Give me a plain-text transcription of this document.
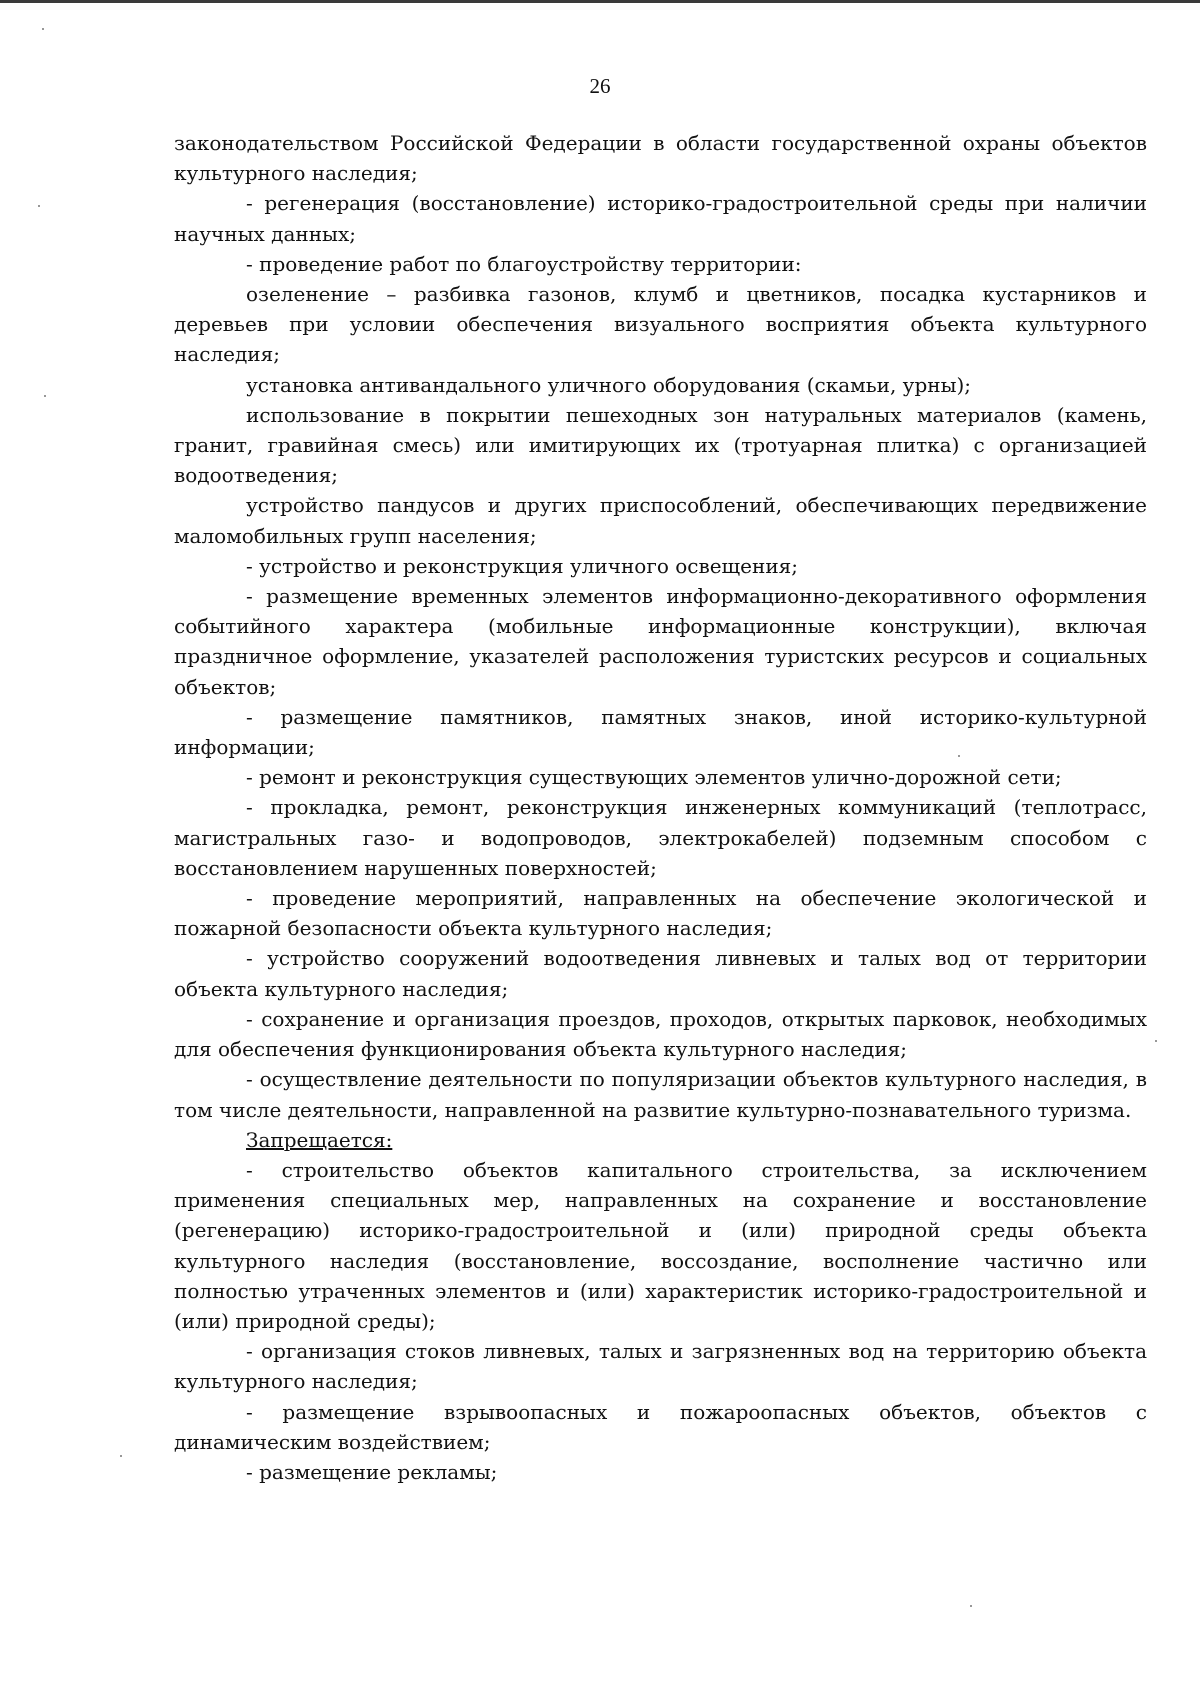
26

законодательством Российской Федерации в области государственной охраны объектов культурного наследия;

- регенерация (восстановление) историко-градостроительной среды при наличии научных данных;

- проведение работ по благоустройству территории:

озеленение – разбивка газонов, клумб и цветников, посадка кустарников и деревьев при условии обеспечения визуального восприятия объекта культурного наследия;

установка антивандального уличного оборудования (скамьи, урны);

использование в покрытии пешеходных зон натуральных материалов (камень, гранит, гравийная смесь) или имитирующих их (тротуарная плитка) с организацией водоотведения;

устройство пандусов и других приспособлений, обеспечивающих передвижение маломобильных групп населения;

- устройство и реконструкция уличного освещения;

- размещение временных элементов информационно-декоративного оформления событийного характера (мобильные информационные конструкции), включая праздничное оформление, указателей расположения туристских ресурсов и социальных объектов;

- размещение памятников, памятных знаков, иной историко-культурной информации;

- ремонт и реконструкция существующих элементов улично-дорожной сети;

- прокладка, ремонт, реконструкция инженерных коммуникаций (теплотрасс, магистральных газо- и водопроводов, электрокабелей) подземным способом с восстановлением нарушенных поверхностей;

- проведение мероприятий, направленных на обеспечение экологической и пожарной безопасности объекта культурного наследия;

- устройство сооружений водоотведения ливневых и талых вод от территории объекта культурного наследия;

- сохранение и организация проездов, проходов, открытых парковок, необходимых для обеспечения функционирования объекта культурного наследия;

- осуществление деятельности по популяризации объектов культурного наследия, в том числе деятельности, направленной на развитие культурно-познавательного туризма.

Запрещается:

- строительство объектов капитального строительства, за исключением применения специальных мер, направленных на сохранение и восстановление (регенерацию) историко-градостроительной и (или) природной среды объекта культурного наследия (восстановление, воссоздание, восполнение частично или полностью утраченных элементов и (или) характеристик историко-градостроительной и (или) природной среды);

- организация стоков ливневых, талых и загрязненных вод на территорию объекта культурного наследия;

- размещение взрывоопасных и пожароопасных объектов, объектов с динамическим воздействием;

- размещение рекламы;
